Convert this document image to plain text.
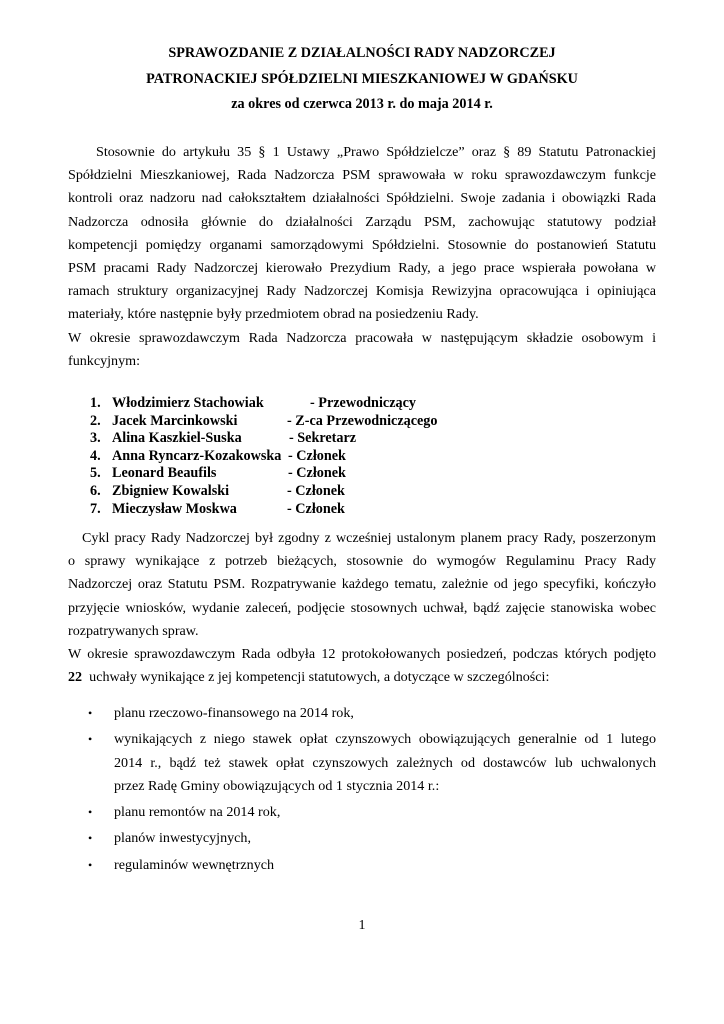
SPRAWOZDANIE Z DZIAŁALNOŚCI RADY NADZORCZEJ
PATRONACKIEJ SPÓŁDZIELNI MIESZKANIOWEJ W GDAŃSKU
za okres od czerwca 2013 r. do maja 2014 r.
Stosownie do artykułu 35 § 1 Ustawy „Prawo Spółdzielcze” oraz § 89 Statutu Patronackiej
Spółdzielni Mieszkaniowej, Rada Nadzorcza PSM sprawowała w roku sprawozdawczym funkcje
kontroli oraz nadzoru nad całokształtem działalności Spółdzielni. Swoje zadania i obowiązki Rada
Nadzorcza odnosiła głównie do działalności Zarządu PSM, zachowując statutowy podział
kompetencji pomiędzy organami samorządowymi Spółdzielni. Stosownie do postanowień Statutu
PSM pracami Rady Nadzorczej kierowało Prezydium Rady, a jego prace wspierała powołana w
ramach struktury organizacyjnej Rady Nadzorczej Komisja Rewizyjna opracowująca i opiniująca
materiały, które następnie były przedmiotem obrad na posiedzeniu Rady.
W okresie sprawozdawczym Rada Nadzorcza pracowała w następującym składzie osobowym i
funkcyjnym:
1. Włodzimierz Stachowiak	- Przewodniczący
2. Jacek Marcinkowski	- Z-ca Przewodniczącego
3. Alina Kaszkiel-Suska	- Sekretarz
4. Anna Ryncarz-Kozakowska - Członek
5. Leonard Beaufils	- Członek
6. Zbigniew Kowalski	- Członek
7. Mieczysław Moskwa	- Członek
Cykl pracy Rady Nadzorczej był zgodny z wcześniej ustalonym planem pracy Rady, poszerzonym
o sprawy wynikające z potrzeb bieżących, stosownie do wymogów Regulaminu Pracy Rady
Nadzorczej oraz Statutu PSM. Rozpatrywanie każdego tematu, zależnie od jego specyfiki, kończyło
przyjęcie wniosków, wydanie zaleceń, podjęcie stosownych uchwał, bądź zajęcie stanowiska wobec
rozpatrywanych spraw.
W okresie sprawozdawczym Rada odbyła 12 protokołowanych posiedzeń, podczas których podjęto
22 uchwały wynikające z jej kompetencji statutowych, a dotyczące w szczególności:
•	planu rzeczowo-finansowego na 2014 rok,
•	wynikających z niego stawek opłat czynszowych obowiązujących generalnie od 1 lutego
2014 r., bądź też stawek opłat czynszowych zależnych od dostawców lub uchwalonych
przez Radę Gminy obowiązujących od 1 stycznia 2014 r.:
•	planu remontów na 2014 rok,
•	planów inwestycyjnych,
•	regulaminów wewnętrznych
1
